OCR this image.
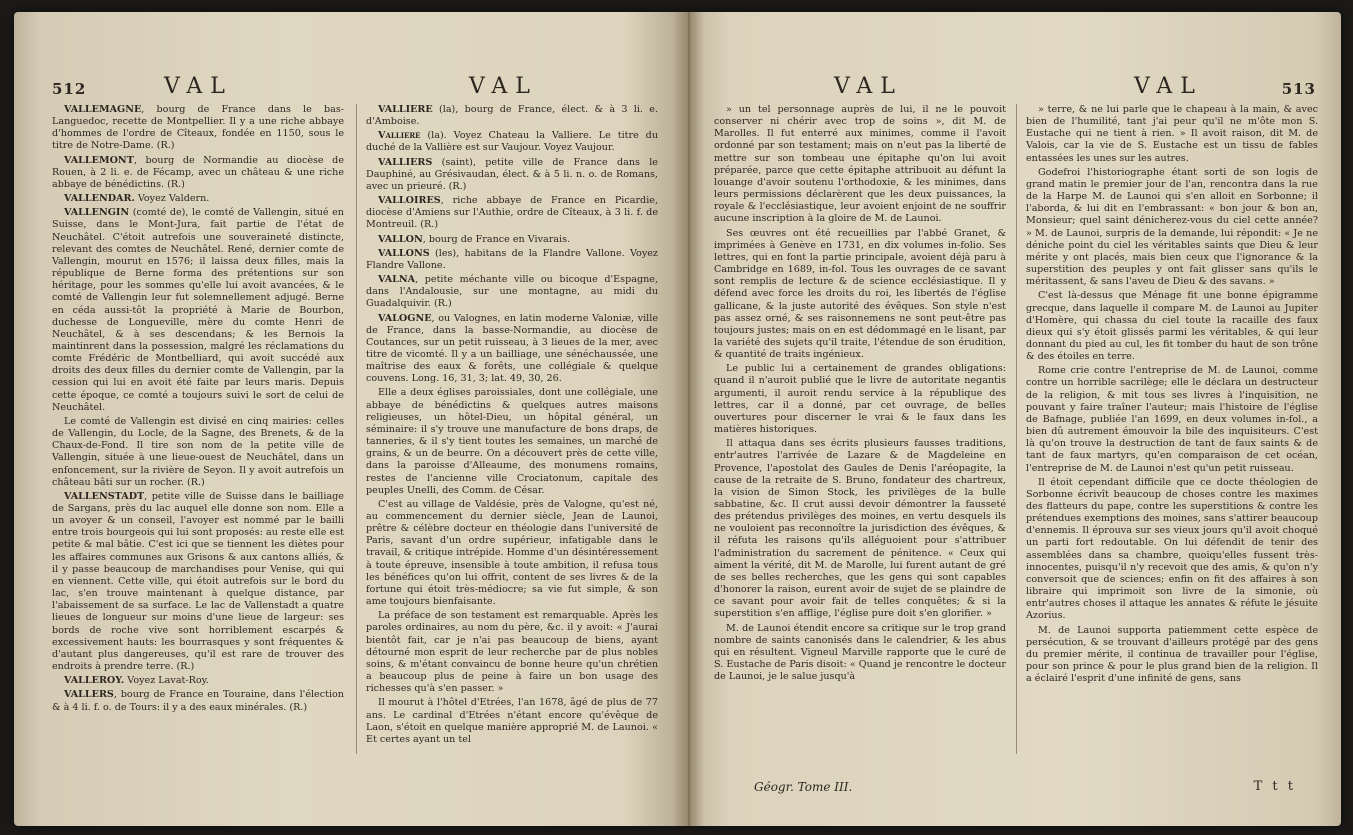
512	VAL	VAL

VALLEMAGNE, bourg de France dans le bas-Languedoc, recette de Montpellier. Il y a une riche abbaye d'hommes de l'ordre de Cîteaux, fondée en 1150, sous le titre de Notre-Dame. (R.)

VALLEMONT, bourg de Normandie au diocèse de Rouen, à 2 li. e. de Fécamp, avec un château & une riche abbaye de bénédictins. (R.)

VALLENDAR. Voyez Valdern.

VALLENGIN (comté de), le comté de Vallengin, situé en Suisse, dans le Mont-Jura, fait partie de l'état de Neuchâtel. C'étoit autrefois une souveraineté distincte, relevant des comtes de Neuchâtel. René, dernier comte de Vallengin, mourut en 1576; il laissa deux filles, mais la république de Berne forma des prétentions sur son héritage, pour les sommes qu'elle lui avoit avancées, & le comté de Vallengin leur fut solemnellement adjugé. Berne en céda aussi-tôt la propriété à Marie de Bourbon, duchesse de Longueville, mère du comte Henri de Neuchâtel, & à ses descendans; & les Bernois la maintinrent dans la possession, malgré les réclamations du comte Frédéric de Montbelliard, qui avoit succédé aux droits des deux filles du dernier comte de Vallengin, par la cession qui lui en avoit été faite par leurs maris. Depuis cette époque, ce comté a toujours suivi le sort de celui de Neuchâtel.

Le comté de Vallengin est divisé en cinq mairies: celles de Vallengin, du Locle, de la Sagne, des Brenets, & de la Chaux-de-Fond. Il tire son nom de la petite ville de Vallengin, située à une lieue-ouest de Neuchâtel, dans un enfoncement, sur la rivière de Seyon. Il y avoit autrefois un château bâti sur un rocher. (R.)

VALLENSTADT, petite ville de Suisse dans le bailliage de Sargans, près du lac auquel elle donne son nom. Elle a un avoyer & un conseil, l'avoyer est nommé par le bailli entre trois bourgeois qui lui sont proposés: au reste elle est petite & mal bâtie. C'est ici que se tiennent les diètes pour les affaires communes aux Grisons & aux cantons alliés, & il y passe beaucoup de marchandises pour Venise, qui qui en viennent. Cette ville, qui étoit autrefois sur le bord du lac, s'en trouve maintenant à quelque distance, par l'abaissement de sa surface. Le lac de Vallenstadt a quatre lieues de longueur sur moins d'une lieue de largeur: ses bords de roche vive sont horriblement escarpés & excessivement hauts: les bourrasques y sont fréquentes & d'autant plus dangereuses, qu'il est rare de trouver des endroits à prendre terre. (R.)

VALLEROY. Voyez Lavat-Roy.

VALLERS, bourg de France en Touraine, dans l'élection & à 4 li. f. o. de Tours: il y a des eaux minérales. (R.)

VALLIERE (la), bourg de France, élect. & à 3 li. e. d'Amboise.

Valliere (la). Voyez Chateau la Valliere. Le titre du duché de la Vallière est sur Vaujour. Voyez Vaujour.

VALLIERS (saint), petite ville de France dans le Dauphiné, au Grésivaudan, élect. & à 5 li. n. o. de Romans, avec un prieuré. (R.)

VALLOIRES, riche abbaye de France en Picardie, diocèse d'Amiens sur l'Authie, ordre de Cîteaux, à 3 li. f. de Montreuil. (R.)

VALLON, bourg de France en Vivarais.

VALLONS (les), habitans de la Flandre Vallone. Voyez Flandre Vallone.

VALNA, petite méchante ville ou bicoque d'Espagne, dans l'Andalousie, sur une montagne, au midi du Guadalquivir. (R.)

VALOGNE, ou Valognes, en latin moderne Valoniæ, ville de France, dans la basse-Normandie, au diocèse de Coutances, sur un petit ruisseau, à 3 lieues de la mer, avec titre de vicomté. Il y a un bailliage, une sénéchaussée, une maîtrise des eaux & forêts, une collégiale & quelque couvens. Long. 16, 31, 3; lat. 49, 30, 26.

Elle a deux églises paroissiales, dont une collégiale, une abbaye de bénédictins & quelques autres maisons religieuses, un hôtel-Dieu, un hôpital général, un séminaire: il s'y trouve une manufacture de bons draps, de tanneries, & il s'y tient toutes les semaines, un marché de grains, & un de beurre. On a découvert près de cette ville, dans la paroisse d'Alleaume, des monumens romains, restes de l'ancienne ville Crociatonum, capitale des peuples Unelli, des Comm. de César.

C'est au village de Valdésie, près de Valogne, qu'est né, au commencement du dernier siècle, Jean de Launoi, prêtre & célèbre docteur en théologie dans l'université de Paris, savant d'un ordre supérieur, infatigable dans le travail, & critique intrépide. Homme d'un désintéressement à toute épreuve, insensible à toute ambition, il refusa tous les bénéfices qu'on lui offrit, content de ses livres & de la fortune qui étoit très-médiocre; sa vie fut simple, & son ame toujours bienfaisante.

La préface de son testament est remarquable. Après les paroles ordinaires, au nom du père, &c. il y avoit: « J'aurai bientôt fait, car je n'ai pas beaucoup de biens, ayant détourné mon esprit de leur recherche par de plus nobles soins, & m'étant convaincu de bonne heure qu'un chrétien a beaucoup plus de peine à faire un bon usage des richesses qu'à s'en passer. »

Il mourut à l'hôtel d'Etrées, l'an 1678, âgé de plus de 77 ans. Le cardinal d'Etrées n'étant encore qu'évêque de Laon, s'étoit en quelque manière approprié M. de Launoi. « Et certes ayant un tel

VAL	VAL	513

» un tel personnage auprès de lui, il ne le pouvoit conserver ni chérir avec trop de soins », dit M. de Marolles. Il fut enterré aux minimes, comme il l'avoit ordonné par son testament; mais on n'eut pas la liberté de mettre sur son tombeau une épitaphe qu'on lui avoit préparée, parce que cette épitaphe attribuoit au défunt la louange d'avoir soutenu l'orthodoxie, & les minimes, dans leurs permissions déclarèrent que les deux puissances, la royale & l'ecclésiastique, leur avoient enjoint de ne souffrir aucune inscription à la gloire de M. de Launoi.

Ses œuvres ont été recueillies par l'abbé Granet, & imprimées à Genève en 1731, en dix volumes in-folio. Ses lettres, qui en font la partie principale, avoient déjà paru à Cambridge en 1689, in-fol. Tous les ouvrages de ce savant sont remplis de lecture & de science ecclésiastique. Il y défend avec force les droits du roi, les libertés de l'église gallicane, & la juste autorité des évêques. Son style n'est pas assez orné, & ses raisonnemens ne sont peut-être pas toujours justes; mais on en est dédommagé en le lisant, par la variété des sujets qu'il traite, l'étendue de son érudition, & quantité de traits ingénieux.

Le public lui a certainement de grandes obligations: quand il n'auroit publié que le livre de autoritate negantis argumenti, il auroit rendu service à la république des lettres, car il a donné, par cet ouvrage, de belles ouvertures pour discerner le vrai & le faux dans les matières historiques.

Il attaqua dans ses écrits plusieurs fausses traditions, entr'autres l'arrivée de Lazare & de Magdeleine en Provence, l'apostolat des Gaules de Denis l'aréopagite, la cause de la retraite de S. Bruno, fondateur des chartreux, la vision de Simon Stock, les privilèges de la bulle sabbatine, &c. Il crut aussi devoir démontrer la fausseté des prétendus privilèges des moines, en vertu desquels ils ne vouloient pas reconnoître la jurisdiction des évêques, & il réfuta les raisons qu'ils alléguoient pour s'attribuer l'administration du sacrement de pénitence. « Ceux qui aiment la vérité, dit M. de Marolle, lui furent autant de gré de ses belles recherches, que les gens qui sont capables d'honorer la raison, eurent avoir de sujet de se plaindre de ce savant pour avoir fait de telles conquêtes; & si la superstition s'en afflige, l'église pure doit s'en glorifier. »

M. de Launoi étendit encore sa critique sur le trop grand nombre de saints canonisés dans le calendrier, & les abus qui en résultent. Vigneul Marville rapporte que le curé de S. Eustache de Paris disoit: « Quand je rencontre le docteur de Launoi, je le salue jusqu'à

» terre, & ne lui parle que le chapeau à la main, & avec bien de l'humilité, tant j'ai peur qu'il ne m'ôte mon S. Eustache qui ne tient à rien. » Il avoit raison, dit M. de Valois, car la vie de S. Eustache est un tissu de fables entassées les unes sur les autres.

Godefroi l'historiographe étant sorti de son logis de grand matin le premier jour de l'an, rencontra dans la rue de la Harpe M. de Launoi qui s'en alloit en Sorbonne; il l'aborda, & lui dit en l'embrassant: « bon jour & bon an, Monsieur; quel saint dénicherez-vous du ciel cette année? » M. de Launoi, surpris de la demande, lui répondit: « Je ne déniche point du ciel les véritables saints que Dieu & leur mérite y ont placés, mais bien ceux que l'ignorance & la superstition des peuples y ont fait glisser sans qu'ils le méritassent, & sans l'aveu de Dieu & des savans. »

C'est là-dessus que Ménage fit une bonne épigramme grecque, dans laquelle il compare M. de Launoi au Jupiter d'Homère, qui chassa du ciel toute la racaille des faux dieux qui s'y étoit glissés parmi les véritables, & qui leur donnant du pied au cul, les fit tomber du haut de son trône & des étoiles en terre.

Rome crie contre l'entreprise de M. de Launoi, comme contre un horrible sacrilège; elle le déclara un destructeur de la religion, & mit tous ses livres à l'inquisition, ne pouvant y faire traîner l'auteur; mais l'histoire de l'église de Bafnage, publiée l'an 1699, en deux volumes in-fol., a bien dû autrement émouvoir la bile des inquisiteurs. C'est là qu'on trouve la destruction de tant de faux saints & de tant de faux martyrs, qu'en comparaison de cet océan, l'entreprise de M. de Launoi n'est qu'un petit ruisseau.

Il étoit cependant difficile que ce docte théologien de Sorbonne écrivît beaucoup de choses contre les maximes des flatteurs du pape, contre les superstitions & contre les prétendues exemptions des moines, sans s'attirer beaucoup d'ennemis. Il éprouva sur ses vieux jours qu'il avoit choqué un parti fort redoutable. On lui défendit de tenir des assemblées dans sa chambre, quoiqu'elles fussent très-innocentes, puisqu'il n'y recevoit que des amis, & qu'on n'y conversoit que de sciences; enfin on fit des affaires à son libraire qui imprimoit son livre de la simonie, où entr'autres choses il attaque les annates & réfute le jésuite Azorius.

M. de Launoi supporta patiemment cette espèce de persécution, & se trouvant d'ailleurs protégé par des gens du premier mérite, il continua de travailler pour l'église, pour son prince & pour le plus grand bien de la religion. Il a éclairé l'esprit d'une infinité de gens, sans

Géogr. Tome III.	T t t
